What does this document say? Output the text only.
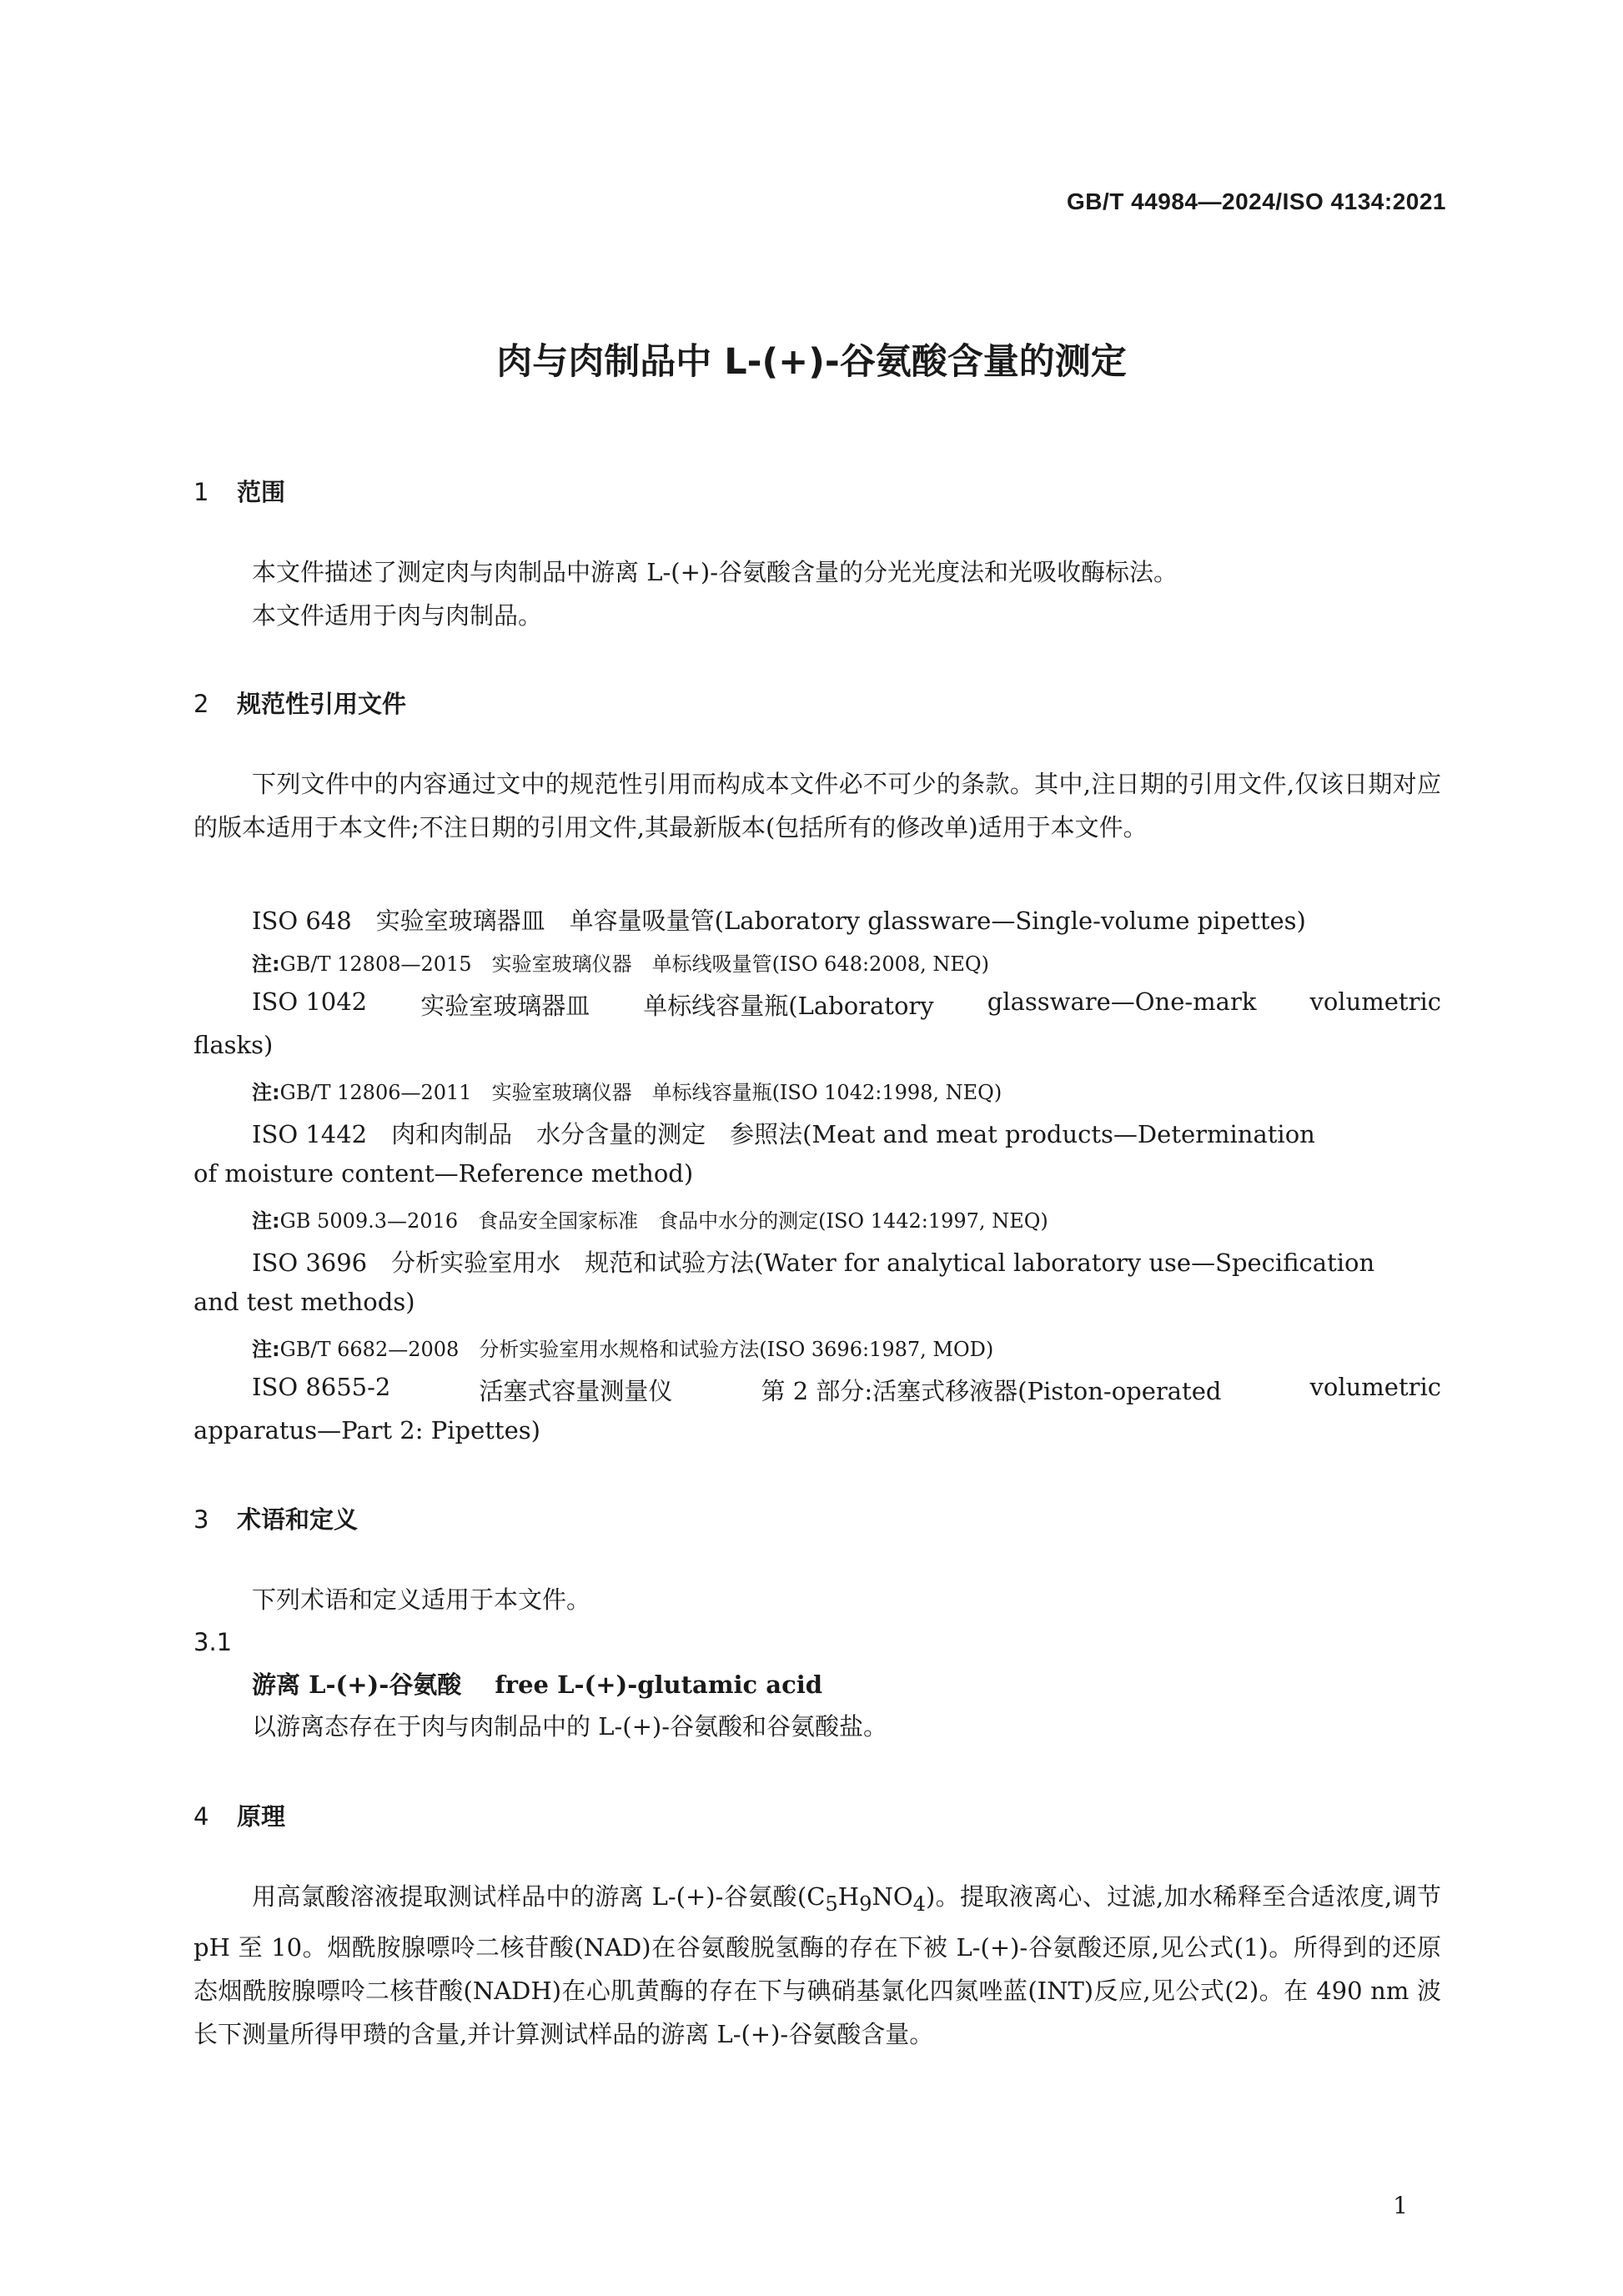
GB/T 44984—2024/ISO 4134:2021
肉与肉制品中 L-(+)-谷氨酸含量的测定
1 范围
本文件描述了测定肉与肉制品中游离 L-(+)-谷氨酸含量的分光光度法和光吸收酶标法。
本文件适用于肉与肉制品。
2 规范性引用文件
下列文件中的内容通过文中的规范性引用而构成本文件必不可少的条款。其中,注日期的引用文件,仅该日期对应的版本适用于本文件;不注日期的引用文件,其最新版本(包括所有的修改单)适用于本文件。
ISO 648　实验室玻璃器皿　单容量吸量管(Laboratory glassware—Single-volume pipettes)
注:GB/T 12808—2015　实验室玻璃仪器　单标线吸量管(ISO 648:2008, NEQ)
ISO 1042 实验室玻璃器皿 单标线容量瓶(Laboratory glassware—One-mark volumetric
flasks)
注:GB/T 12806—2011　实验室玻璃仪器　单标线容量瓶(ISO 1042:1998, NEQ)
ISO 1442　肉和肉制品　水分含量的测定　参照法(Meat and meat products—Determination
of moisture content—Reference method)
注:GB 5009.3—2016　食品安全国家标准　食品中水分的测定(ISO 1442:1997, NEQ)
ISO 3696　分析实验室用水　规范和试验方法(Water for analytical laboratory use—Specification
and test methods)
注:GB/T 6682—2008　分析实验室用水规格和试验方法(ISO 3696:1987, MOD)
ISO 8655-2	活塞式容量测量仪	第 2 部分:活塞式移液器(Piston-operated	volumetric
apparatus—Part 2: Pipettes)
3 术语和定义
下列术语和定义适用于本文件。
3.1
游离 L-(+)-谷氨酸 free L-(+)-glutamic acid
以游离态存在于肉与肉制品中的 L-(+)-谷氨酸和谷氨酸盐。
4 原理
用高氯酸溶液提取测试样品中的游离 L-(+)-谷氨酸$(C_5H_9NO_4)$。提取液离心、过滤,加水稀释至合适浓度,调节 pH 至 10。烟酰胺腺嘌呤二核苷酸(NAD)在谷氨酸脱氢酶的存在下被 L-(+)-谷氨酸还原,见公式(1)。所得到的还原态烟酰胺腺嘌呤二核苷酸(NADH)在心肌黄酶的存在下与碘硝基氯化四氮唑蓝(INT)反应,见公式(2)。在 490 nm 波长下测量所得甲瓒的含量,并计算测试样品的游离 L-(+)-谷氨酸含量。
1
